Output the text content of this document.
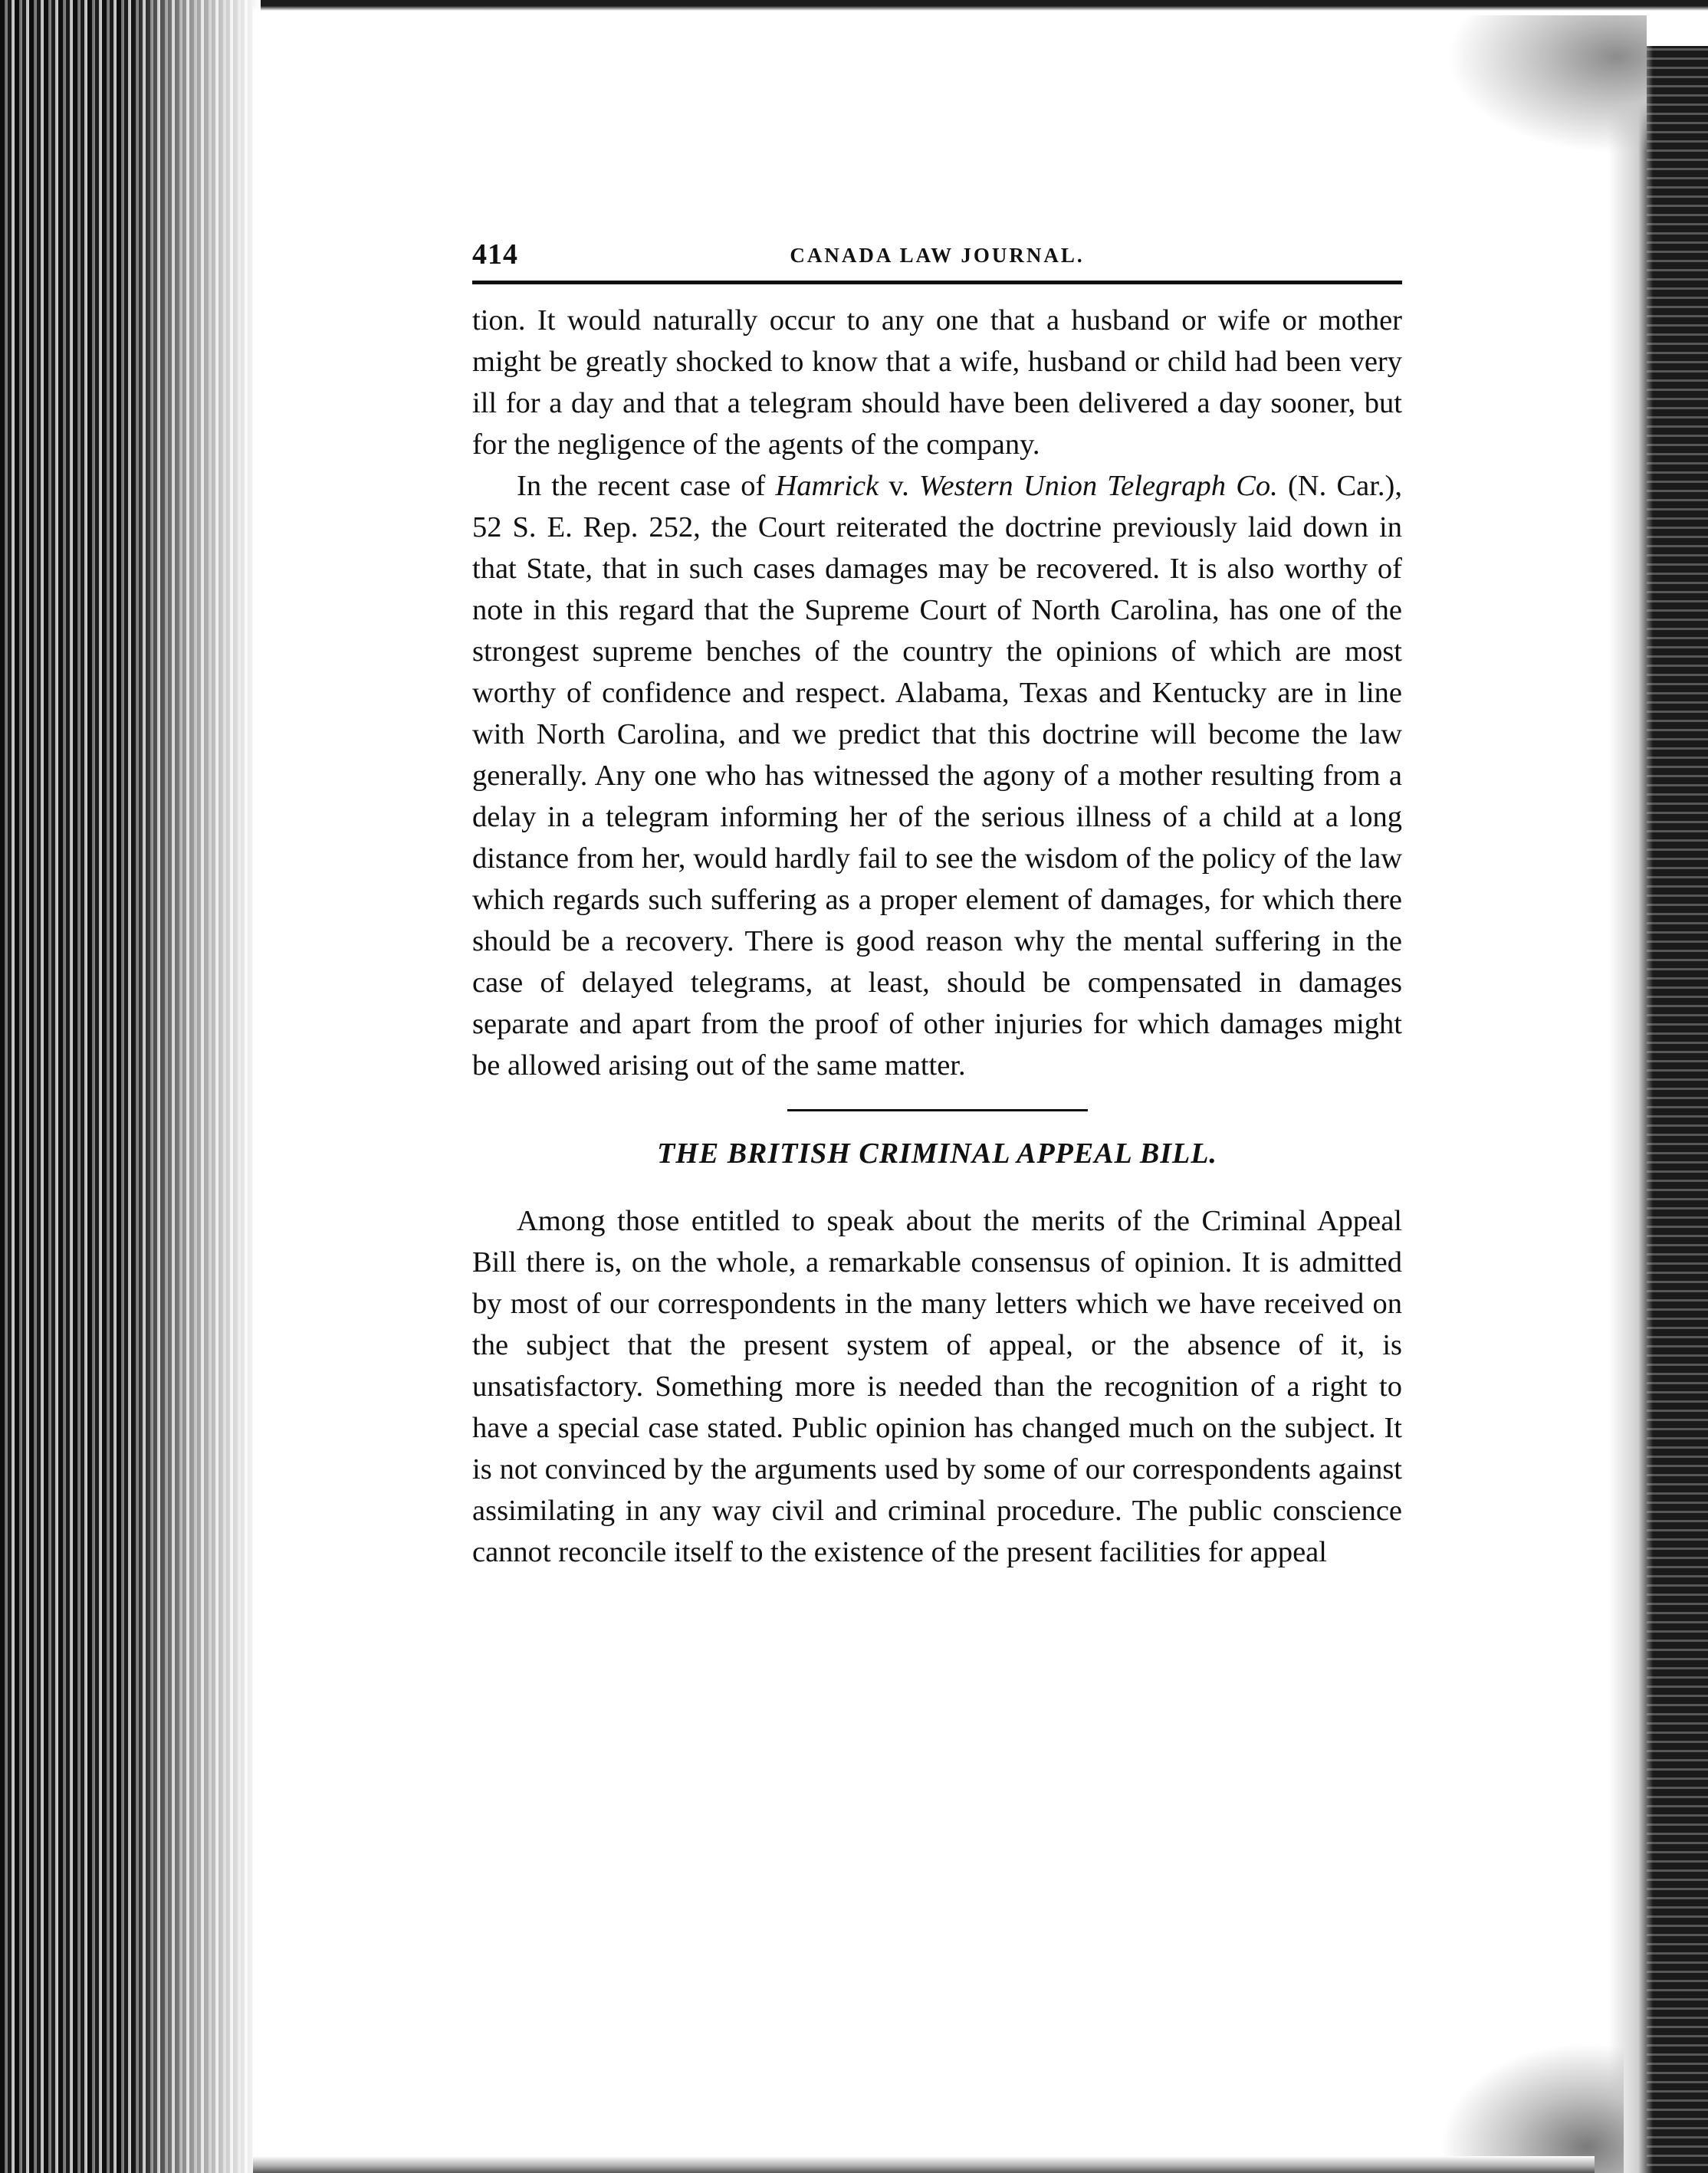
414	CANADA LAW JOURNAL.

tion. It would naturally occur to any one that a husband or wife or mother might be greatly shocked to know that a wife, husband or child had been very ill for a day and that a telegram should have been delivered a day sooner, but for the negligence of the agents of the company.

In the recent case of Hamrick v. Western Union Telegraph Co. (N. Car.), 52 S. E. Rep. 252, the Court reiterated the doctrine previously laid down in that State, that in such cases damages may be recovered. It is also worthy of note in this regard that the Supreme Court of North Carolina, has one of the strongest supreme benches of the country the opinions of which are most worthy of confidence and respect. Alabama, Texas and Kentucky are in line with North Carolina, and we predict that this doctrine will become the law generally. Any one who has witnessed the agony of a mother resulting from a delay in a telegram informing her of the serious illness of a child at a long distance from her, would hardly fail to see the wisdom of the policy of the law which regards such suffering as a proper element of damages, for which there should be a recovery. There is good reason why the mental suffering in the case of delayed telegrams, at least, should be compensated in damages separate and apart from the proof of other injuries for which damages might be allowed arising out of the same matter.

THE BRITISH CRIMINAL APPEAL BILL.

Among those entitled to speak about the merits of the Criminal Appeal Bill there is, on the whole, a remarkable consensus of opinion. It is admitted by most of our correspondents in the many letters which we have received on the subject that the present system of appeal, or the absence of it, is unsatisfactory. Something more is needed than the recognition of a right to have a special case stated. Public opinion has changed much on the subject. It is not convinced by the arguments used by some of our correspondents against assimilating in any way civil and criminal procedure. The public conscience cannot reconcile itself to the existence of the present facilities for appeal
